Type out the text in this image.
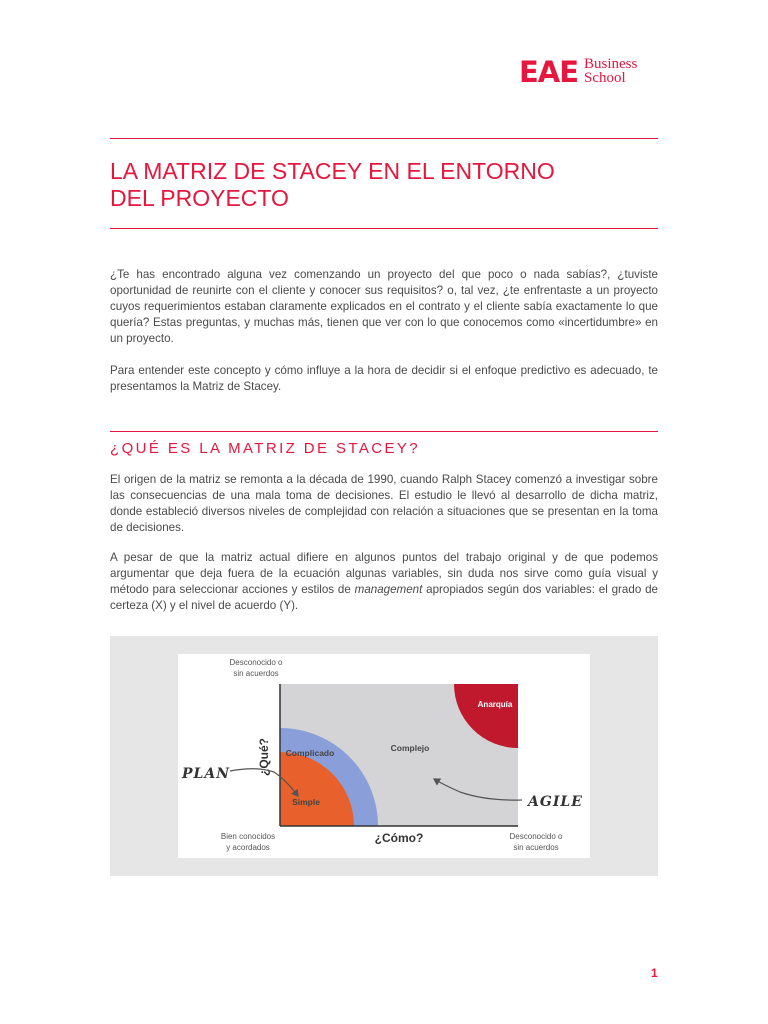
EAE Business
School
LA MATRIZ DE STACEY EN EL ENTORNO
DEL PROYECTO

¿Te has encontrado alguna vez comenzando un proyecto del que poco o nada sabías?, ¿tuviste oportunidad de reunirte con el cliente y conocer sus requisitos? o, tal vez, ¿te enfrentaste a un proyecto cuyos requerimientos estaban claramente explicados en el contrato y el cliente sabía exactamente lo que quería? Estas preguntas, y muchas más, tienen que ver con lo que conocemos como «incertidumbre» en un proyecto.

Para entender este concepto y cómo influye a la hora de decidir si el enfoque predictivo es adecuado, te presentamos la Matriz de Stacey.

¿QUÉ ES LA MATRIZ DE STACEY?

El origen de la matriz se remonta a la década de 1990, cuando Ralph Stacey comenzó a investigar sobre las consecuencias de una mala toma de decisiones. El estudio le llevó al desarrollo de dicha matriz, donde estableció diversos niveles de complejidad con relación a situaciones que se presentan en la toma de decisiones.

A pesar de que la matriz actual difiere en algunos puntos del trabajo original y de que podemos argumentar que deja fuera de la ecuación algunas variables, sin duda nos sirve como guía visual y método para seleccionar acciones y estilos de management apropiados según dos variables: el grado de certeza (X) y el nivel de acuerdo (Y).

Anarquía
Complejo
Complicado
Simple
¿Qué?
¿Cómo?
Desconocido o
sin acuerdos
Bien conocidos
y acordados
Desconocido o
sin acuerdos
PLAN
AGILE
1
